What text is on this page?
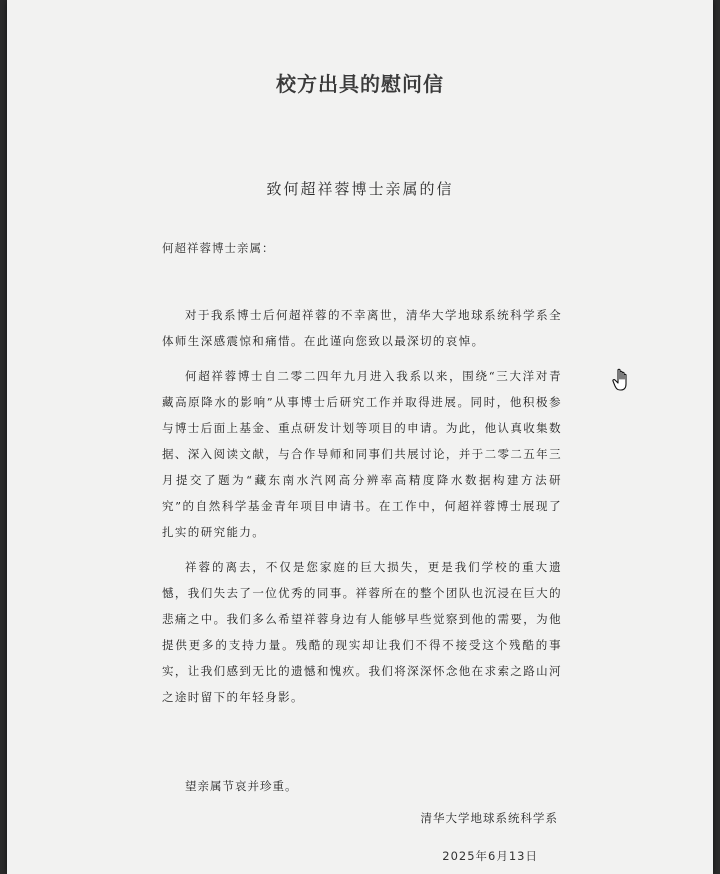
校方出具的慰问信
致何超祥蓉博士亲属的信
何超祥蓉博士亲属：

对于我系博士后何超祥蓉的不幸离世，清华大学地球系统科学系全体师生深感震惊和痛惜。在此谨向您致以最深切的哀悼。

何超祥蓉博士自二零二四年九月进入我系以来，围绕“三大洋对青藏高原降水的影响”从事博士后研究工作并取得进展。同时，他积极参与博士后面上基金、重点研发计划等项目的申请。为此，他认真收集数据、深入阅读文献，与合作导师和同事们共展讨论，并于二零二五年三月提交了题为“藏东南水汽网高分辨率高精度降水数据构建方法研究”的自然科学基金青年项目申请书。在工作中，何超祥蓉博士展现了扎实的研究能力。

祥蓉的离去，不仅是您家庭的巨大损失，更是我们学校的重大遗憾，我们失去了一位优秀的同事。祥蓉所在的整个团队也沉浸在巨大的悲痛之中。我们多么希望祥蓉身边有人能够早些觉察到他的需要，为他提供更多的支持力量。残酷的现实却让我们不得不接受这个残酷的事实，让我们感到无比的遗憾和愧疚。我们将深深怀念他在求索之路山河之途时留下的年轻身影。

望亲属节哀并珍重。
清华大学地球系统科学系
2025年6月13日
